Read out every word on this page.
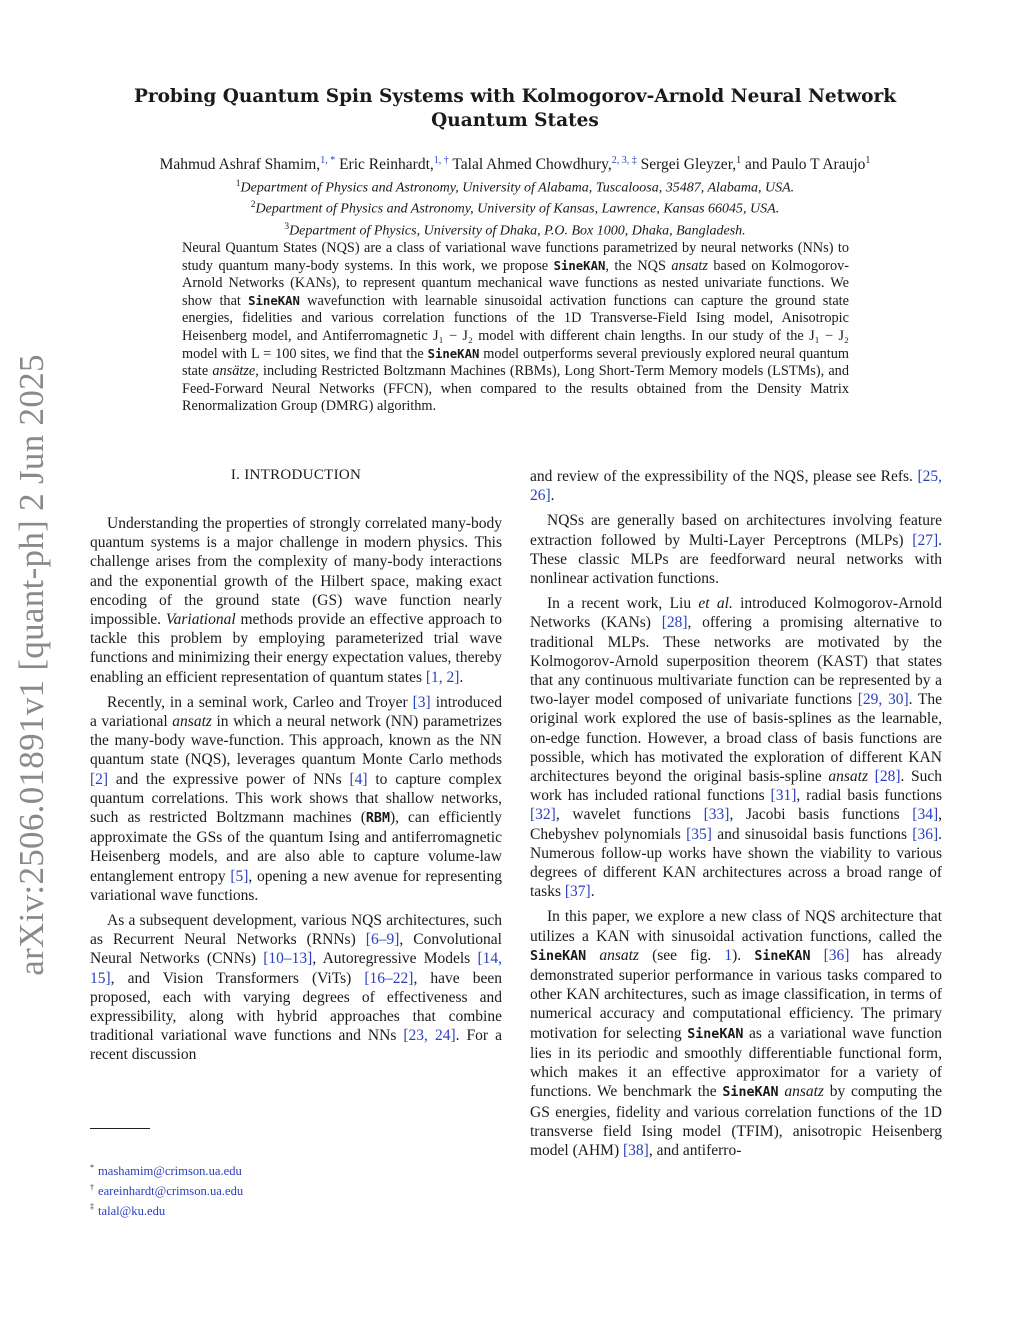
arXiv:2506.01891v1 [quant-ph] 2 Jun 2025
Probing Quantum Spin Systems with Kolmogorov-Arnold Neural Network Quantum States
Mahmud Ashraf Shamim,$^{1, *}$ Eric Reinhardt,$^{1, \dagger}$ Talal Ahmed Chowdhury,$^{2, 3, \ddagger}$ Sergei Gleyzer,$^1$ and Paulo T Araujo$^1$
$^1$Department of Physics and Astronomy, University of Alabama, Tuscaloosa, 35487, Alabama, USA.
$^2$Department of Physics and Astronomy, University of Kansas, Lawrence, Kansas 66045, USA.
$^3$Department of Physics, University of Dhaka, P.O. Box 1000, Dhaka, Bangladesh.
Neural Quantum States (NQS) are a class of variational wave functions parametrized by neural networks (NNs) to study quantum many-body systems. In this work, we propose SineKAN, the NQS ansatz based on Kolmogorov-Arnold Networks (KANs), to represent quantum mechanical wave functions as nested univariate functions. We show that SineKAN wavefunction with learnable sinusoidal activation functions can capture the ground state energies, fidelities and various correlation functions of the 1D Transverse-Field Ising model, Anisotropic Heisenberg model, and Antiferromagnetic J₁ − J₂ model with different chain lengths. In our study of the J₁ − J₂ model with L = 100 sites, we find that the SineKAN model outperforms several previously explored neural quantum state ansätze, including Restricted Boltzmann Machines (RBMs), Long Short-Term Memory models (LSTMs), and Feed-Forward Neural Networks (FFCN), when compared to the results obtained from the Density Matrix Renormalization Group (DMRG) algorithm.

I. INTRODUCTION

Understanding the properties of strongly correlated many-body quantum systems is a major challenge in modern physics. This challenge arises from the complexity of many-body interactions and the exponential growth of the Hilbert space, making exact encoding of the ground state (GS) wave function nearly impossible. Variational methods provide an effective approach to tackle this problem by employing parameterized trial wave functions and minimizing their energy expectation values, thereby enabling an efficient representation of quantum states [1, 2].

Recently, in a seminal work, Carleo and Troyer [3] introduced a variational ansatz in which a neural network (NN) parametrizes the many-body wave-function. This approach, known as the NN quantum state (NQS), leverages quantum Monte Carlo methods [2] and the expressive power of NNs [4] to capture complex quantum correlations. This work shows that shallow networks, such as restricted Boltzmann machines (RBM), can efficiently approximate the GSs of the quantum Ising and antiferromagnetic Heisenberg models, and are also able to capture volume-law entanglement entropy [5], opening a new avenue for representing variational wave functions.

As a subsequent development, various NQS architectures, such as Recurrent Neural Networks (RNNs) [6–9], Convolutional Neural Networks (CNNs) [10–13], Autoregressive Models [14, 15], and Vision Transformers (ViTs) [16–22], have been proposed, each with varying degrees of effectiveness and expressibility, along with hybrid approaches that combine traditional variational wave functions and NNs [23, 24]. For a recent discussion

and review of the expressibility of the NQS, please see Refs. [25, 26].

NQSs are generally based on architectures involving feature extraction followed by Multi-Layer Perceptrons (MLPs) [27]. These classic MLPs are feedforward neural networks with nonlinear activation functions.

In a recent work, Liu et al. introduced Kolmogorov-Arnold Networks (KANs) [28], offering a promising alternative to traditional MLPs. These networks are motivated by the Kolmogorov-Arnold superposition theorem (KAST) that states that any continuous multivariate function can be represented by a two-layer model composed of univariate functions [29, 30]. The original work explored the use of basis-splines as the learnable, on-edge function. However, a broad class of basis functions are possible, which has motivated the exploration of different KAN architectures beyond the original basis-spline ansatz [28]. Such work has included rational functions [31], radial basis functions [32], wavelet functions [33], Jacobi basis functions [34], Chebyshev polynomials [35] and sinusoidal basis functions [36]. Numerous follow-up works have shown the viability to various degrees of different KAN architectures across a broad range of tasks [37].

In this paper, we explore a new class of NQS architecture that utilizes a KAN with sinusoidal activation functions, called the SineKAN ansatz (see fig. 1). SineKAN [36] has already demonstrated superior performance in various tasks compared to other KAN architectures, such as image classification, in terms of numerical accuracy and computational efficiency. The primary motivation for selecting SineKAN as a variational wave function lies in its periodic and smoothly differentiable functional form, which makes it an effective approximator for a variety of functions. We benchmark the SineKAN ansatz by computing the GS energies, fidelity and various correlation functions of the 1D transverse field Ising model (TFIM), anisotropic Heisenberg model (AHM) [38], and antiferro-

* mashamim@crimson.ua.edu
† eareinhardt@crimson.ua.edu
‡ talal@ku.edu
